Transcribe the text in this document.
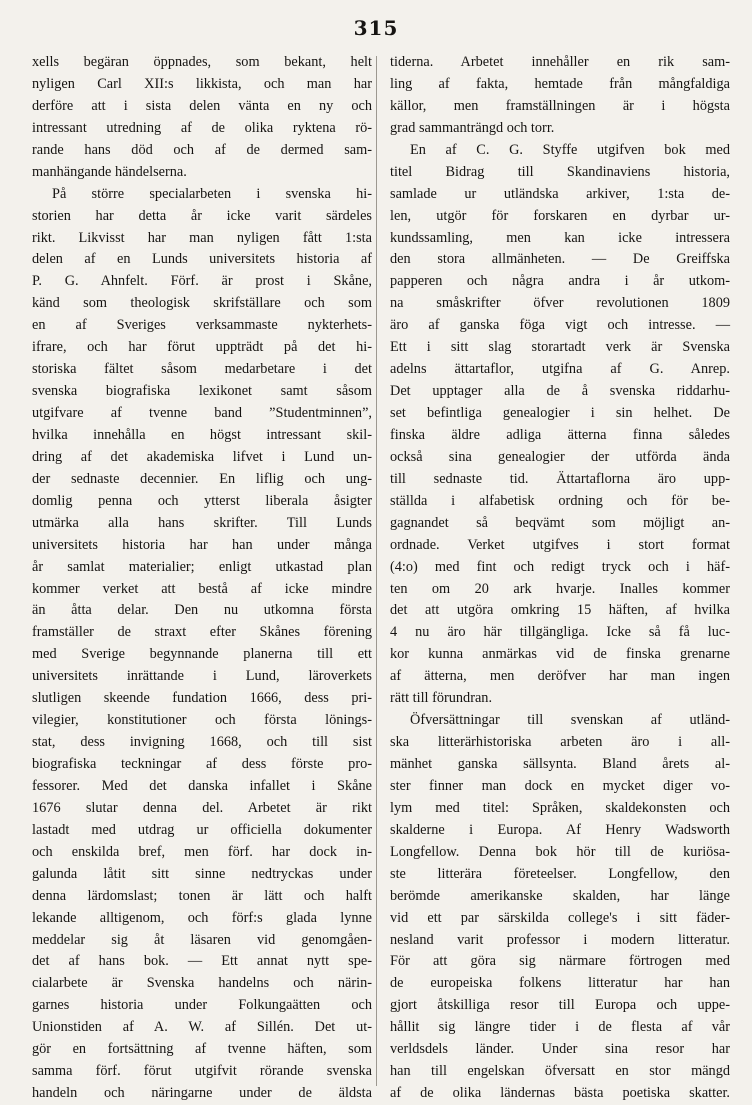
315
xells begäran öppnades, som bekant, helt
nyligen Carl XII:s likkista, och man har
derföre att i sista delen vänta en ny och
intressant utredning af de olika ryktena rö-
rande hans död och af de dermed sam-
manhängande händelserna.
På större specialarbeten i svenska hi-
storien har detta år icke varit särdeles
rikt. Likvisst har man nyligen fått 1:sta
delen af en Lunds universitets historia af
P. G. Ahnfelt. Förf. är prost i Skåne,
känd som theologisk skrifställare och som
en af Sveriges verksammaste nykterhets-
ifrare, och har förut uppträdt på det hi-
storiska fältet såsom medarbetare i det
svenska biografiska lexikonet samt såsom
utgifvare af tvenne band ”Studentminnen”,
hvilka innehålla en högst intressant skil-
dring af det akademiska lifvet i Lund un-
der sednaste decennier. En liflig och ung-
domlig penna och ytterst liberala åsigter
utmärka alla hans skrifter. Till Lunds
universitets historia har han under många
år samlat materialier; enligt utkastad plan
kommer verket att bestå af icke mindre
än åtta delar. Den nu utkomna första
framställer de straxt efter Skånes förening
med Sverige begynnande planerna till ett
universitets inrättande i Lund, läroverkets
slutligen skeende fundation 1666, dess pri-
vilegier, konstitutioner och första lönings-
stat, dess invigning 1668, och till sist
biografiska teckningar af dess förste pro-
fessorer. Med det danska infallet i Skåne
1676 slutar denna del. Arbetet är rikt
lastadt med utdrag ur officiella dokumenter
och enskilda bref, men förf. har dock in-
galunda låtit sitt sinne nedtryckas under
denna lärdomslast; tonen är lätt och halft
lekande alltigenom, och förf:s glada lynne
meddelar sig åt läsaren vid genomgåen-
det af hans bok. — Ett annat nytt spe-
cialarbete är Svenska handelns och närin-
garnes historia under Folkungaätten och
Unionstiden af A. W. af Sillén. Det ut-
gör en fortsättning af tvenne häften, som
samma förf. förut utgifvit rörande svenska
handeln och näringarne under de äldsta
tiderna. Arbetet innehåller en rik sam-
ling af fakta, hemtade från mångfaldiga
källor, men framställningen är i högsta
grad sammanträngd och torr.
En af C. G. Styffe utgifven bok med
titel Bidrag till Skandinaviens historia,
samlade ur utländska arkiver, 1:sta de-
len, utgör för forskaren en dyrbar ur-
kundssamling, men kan icke intressera
den stora allmänheten. — De Greiffska
papperen och några andra i år utkom-
na småskrifter öfver revolutionen 1809
äro af ganska föga vigt och intresse. —
Ett i sitt slag storartadt verk är Svenska
adelns ättartaflor, utgifna af G. Anrep.
Det upptager alla de å svenska riddarhu-
set befintliga genealogier i sin helhet. De
finska äldre adliga ätterna finna således
också sina genealogier der utförda ända
till sednaste tid. Ättartaflorna äro upp-
ställda i alfabetisk ordning och för be-
gagnandet så beqvämt som möjligt an-
ordnade. Verket utgifves i stort format
(4:o) med fint och redigt tryck och i häf-
ten om 20 ark hvarje. Inalles kommer
det att utgöra omkring 15 häften, af hvilka
4 nu äro här tillgängliga. Icke så få luc-
kor kunna anmärkas vid de finska grenarne
af ätterna, men deröfver har man ingen
rätt till förundran.
Öfversättningar till svenskan af utländ-
ska litterärhistoriska arbeten äro i all-
mänhet ganska sällsynta. Bland årets al-
ster finner man dock en mycket diger vo-
lym med titel: Språken, skaldekonsten och
skalderne i Europa. Af Henry Wadsworth
Longfellow. Denna bok hör till de kuriösa-
ste litterära företeelser. Longfellow, den
berömde amerikanske skalden, har länge
vid ett par särskilda college's i sitt fäder-
nesland varit professor i modern litteratur.
För att göra sig närmare förtrogen med
de europeiska folkens litteratur har han
gjort åtskilliga resor till Europa och uppe-
hållit sig längre tider i de flesta af vår
verldsdels länder. Under sina resor har
han till engelskan öfversatt en stor mängd
af de olika ländernas bästa poetiska skatter.
